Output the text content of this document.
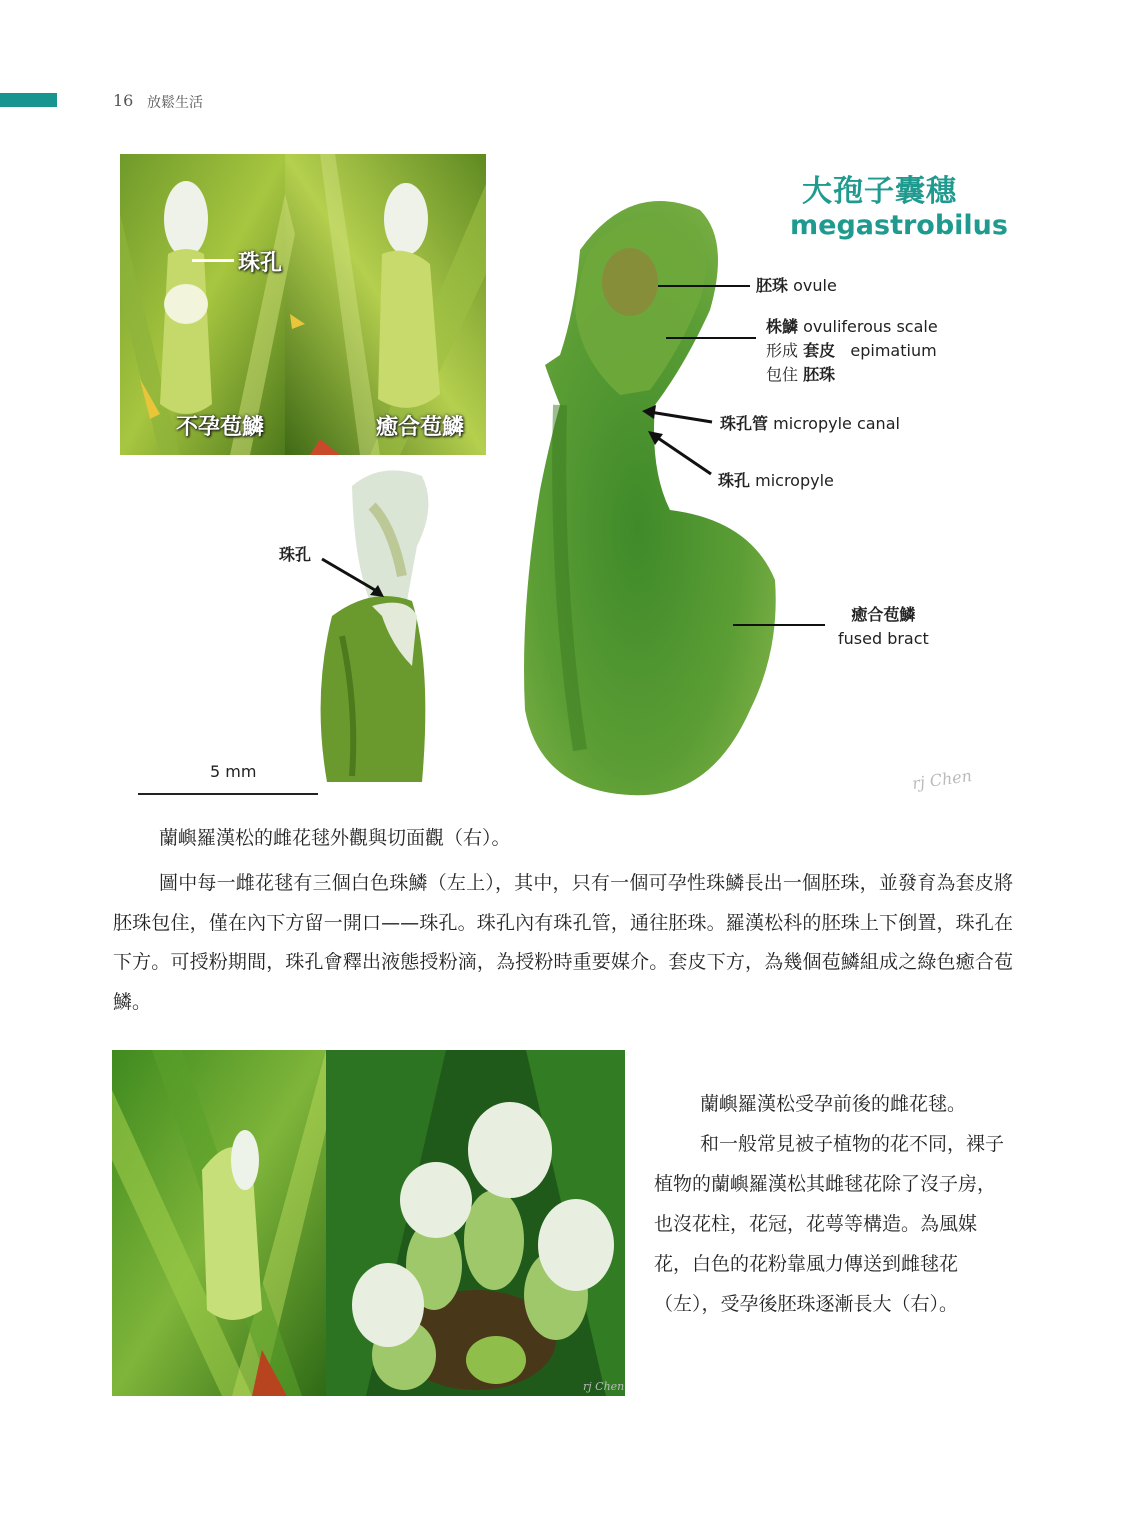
16 放鬆生活
珠孔
不孕苞鱗	癒合苞鱗
珠孔
5 mm
大孢子囊穗
megastrobilus
胚珠 ovule
株鱗 ovuliferous scale
形成 套皮 epimatium
包住 胚珠
珠孔管 micropyle canal
珠孔 micropyle
癒合苞鱗
fused bract
rj Chen
蘭嶼羅漢松的雌花毬外觀與切面觀（右）。
圖中每一雌花毬有三個白色珠鱗（左上），其中，只有一個可孕性珠鱗長出一個胚珠，並發育為套皮將胚珠包住，僅在內下方留一開口——珠孔。珠孔內有珠孔管，通往胚珠。羅漢松科的胚珠上下倒置，珠孔在下方。可授粉期間，珠孔會釋出液態授粉滴，為授粉時重要媒介。套皮下方，為幾個苞鱗組成之綠色癒合苞鱗。
rj Chen

蘭嶼羅漢松受孕前後的雌花毬。

和一般常見被子植物的花不同，裸子植物的蘭嶼羅漢松其雌毬花除了沒子房，也沒花柱，花冠，花萼等構造。為風媒花，白色的花粉靠風力傳送到雌毬花（左），受孕後胚珠逐漸長大（右）。
